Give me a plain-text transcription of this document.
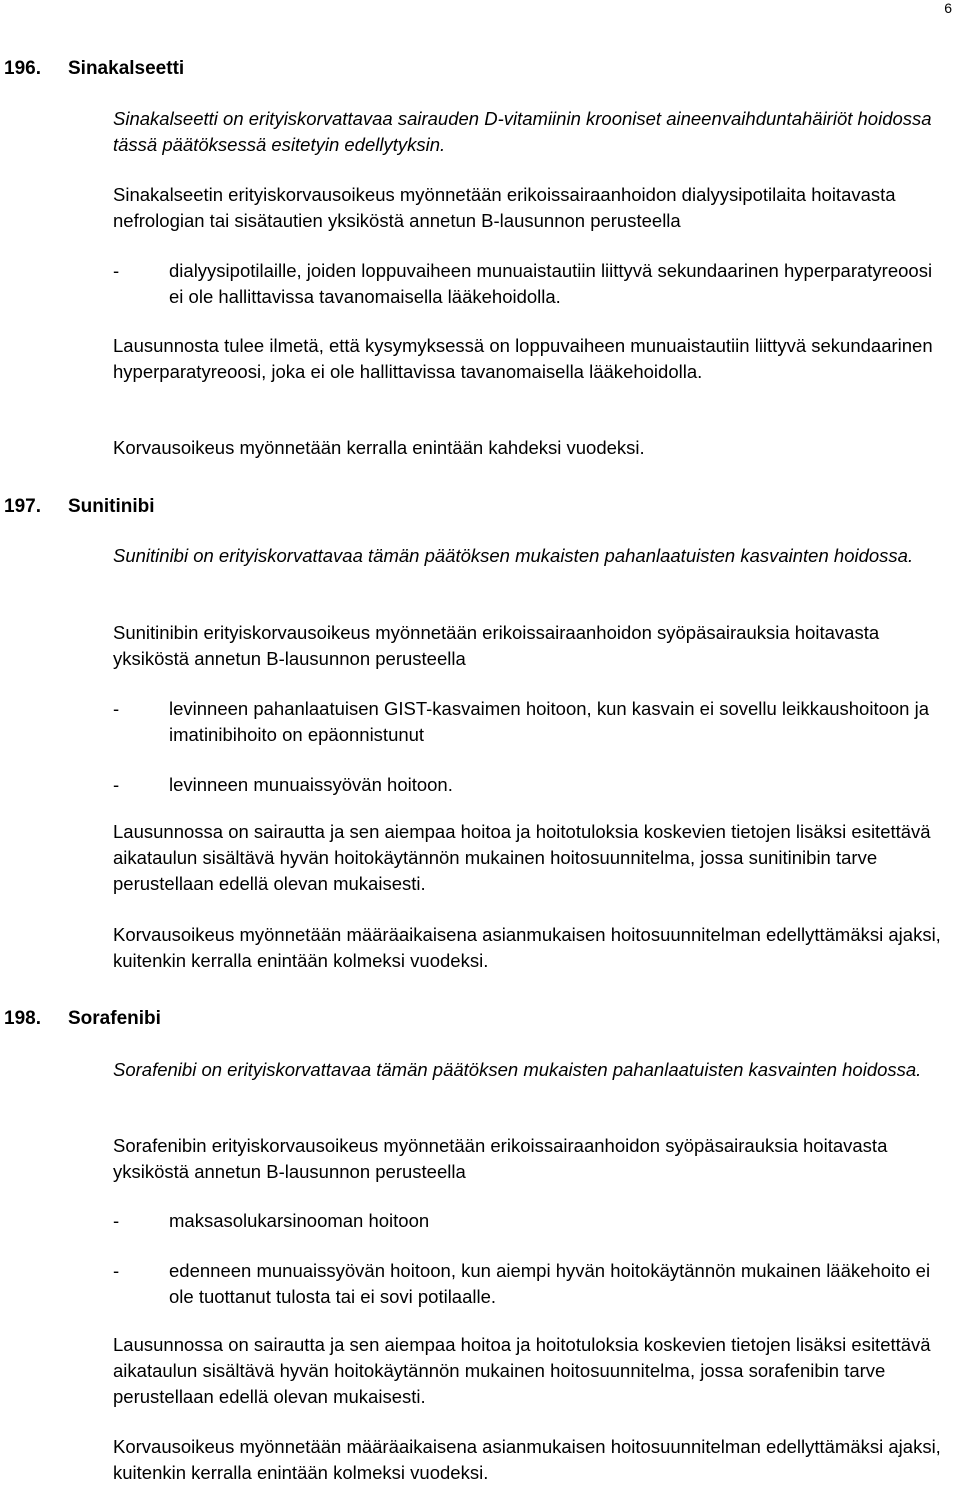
6
196. Sinakalseetti
Sinakalseetti on erityiskorvattavaa sairauden D-vitamiinin krooniset aineenvaihduntahäiriöt hoidossa tässä päätöksessä esitetyin edellytyksin.
Sinakalseetin erityiskorvausoikeus myönnetään erikoissairaanhoidon dialyysipotilaita hoitavasta nefrologian tai sisätautien yksiköstä annetun B-lausunnon perusteella
-	dialyysipotilaille, joiden loppuvaiheen munuaistautiin liittyvä sekundaarinen hyperparatyreoosi ei ole hallittavissa tavanomaisella lääkehoidolla.
Lausunnosta tulee ilmetä, että kysymyksessä on loppuvaiheen munuaistautiin liittyvä sekundaarinen hyperparatyreoosi, joka ei ole hallittavissa tavanomaisella lääkehoidolla.
Korvausoikeus myönnetään kerralla enintään kahdeksi vuodeksi.
197. Sunitinibi
Sunitinibi on erityiskorvattavaa tämän päätöksen mukaisten pahanlaatuisten kasvainten hoidossa.
Sunitinibin erityiskorvausoikeus myönnetään erikoissairaanhoidon syöpäsairauksia hoitavasta yksiköstä annetun B-lausunnon perusteella
-	levinneen pahanlaatuisen GIST-kasvaimen hoitoon, kun kasvain ei sovellu leikkaushoitoon ja imatinibihoito on epäonnistunut
-	levinneen munuaissyövän hoitoon.
Lausunnossa on sairautta ja sen aiempaa hoitoa ja hoitotuloksia koskevien tietojen lisäksi esitettävä aikataulun sisältävä hyvän hoitokäytännön mukainen hoitosuunnitelma, jossa sunitinibin tarve perustellaan edellä olevan mukaisesti.
Korvausoikeus myönnetään määräaikaisena asianmukaisen hoitosuunnitelman edellyttämäksi ajaksi, kuitenkin kerralla enintään kolmeksi vuodeksi.
198. Sorafenibi
Sorafenibi on erityiskorvattavaa tämän päätöksen mukaisten pahanlaatuisten kasvainten hoidossa.
Sorafenibin erityiskorvausoikeus myönnetään erikoissairaanhoidon syöpäsairauksia hoitavasta yksiköstä annetun B-lausunnon perusteella
-	maksasolukarsinooman hoitoon
-	edenneen munuaissyövän hoitoon, kun aiempi hyvän hoitokäytännön mukainen lääkehoito ei ole tuottanut tulosta tai ei sovi potilaalle.
Lausunnossa on sairautta ja sen aiempaa hoitoa ja hoitotuloksia koskevien tietojen lisäksi esitettävä aikataulun sisältävä hyvän hoitokäytännön mukainen hoitosuunnitelma, jossa sorafenibin tarve perustellaan edellä olevan mukaisesti.
Korvausoikeus myönnetään määräaikaisena asianmukaisen hoitosuunnitelman edellyttämäksi ajaksi, kuitenkin kerralla enintään kolmeksi vuodeksi.
